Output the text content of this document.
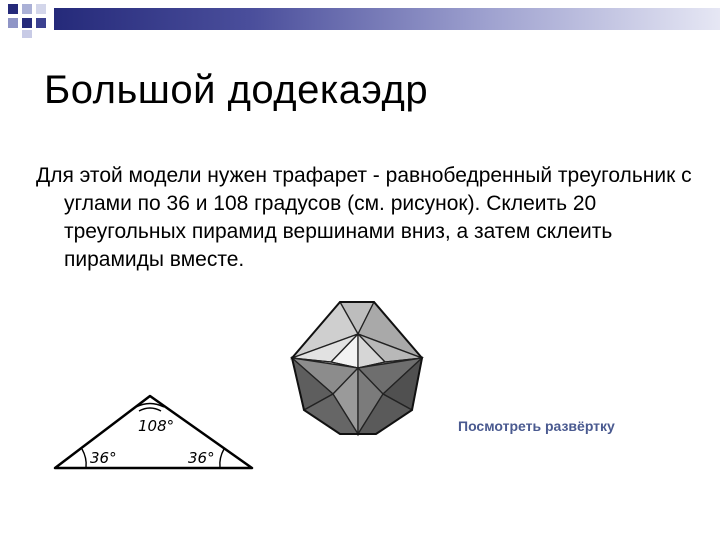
Большой додекаэдр

Для этой модели нужен трафарет - равнобедренный треугольник с углами по 36 и 108 градусов (см. рисунок). Склеить 20 треугольных пирамид вершинами вниз, а затем склеить пирамиды вместе.

108°
36°	36°
Посмотреть развёртку
